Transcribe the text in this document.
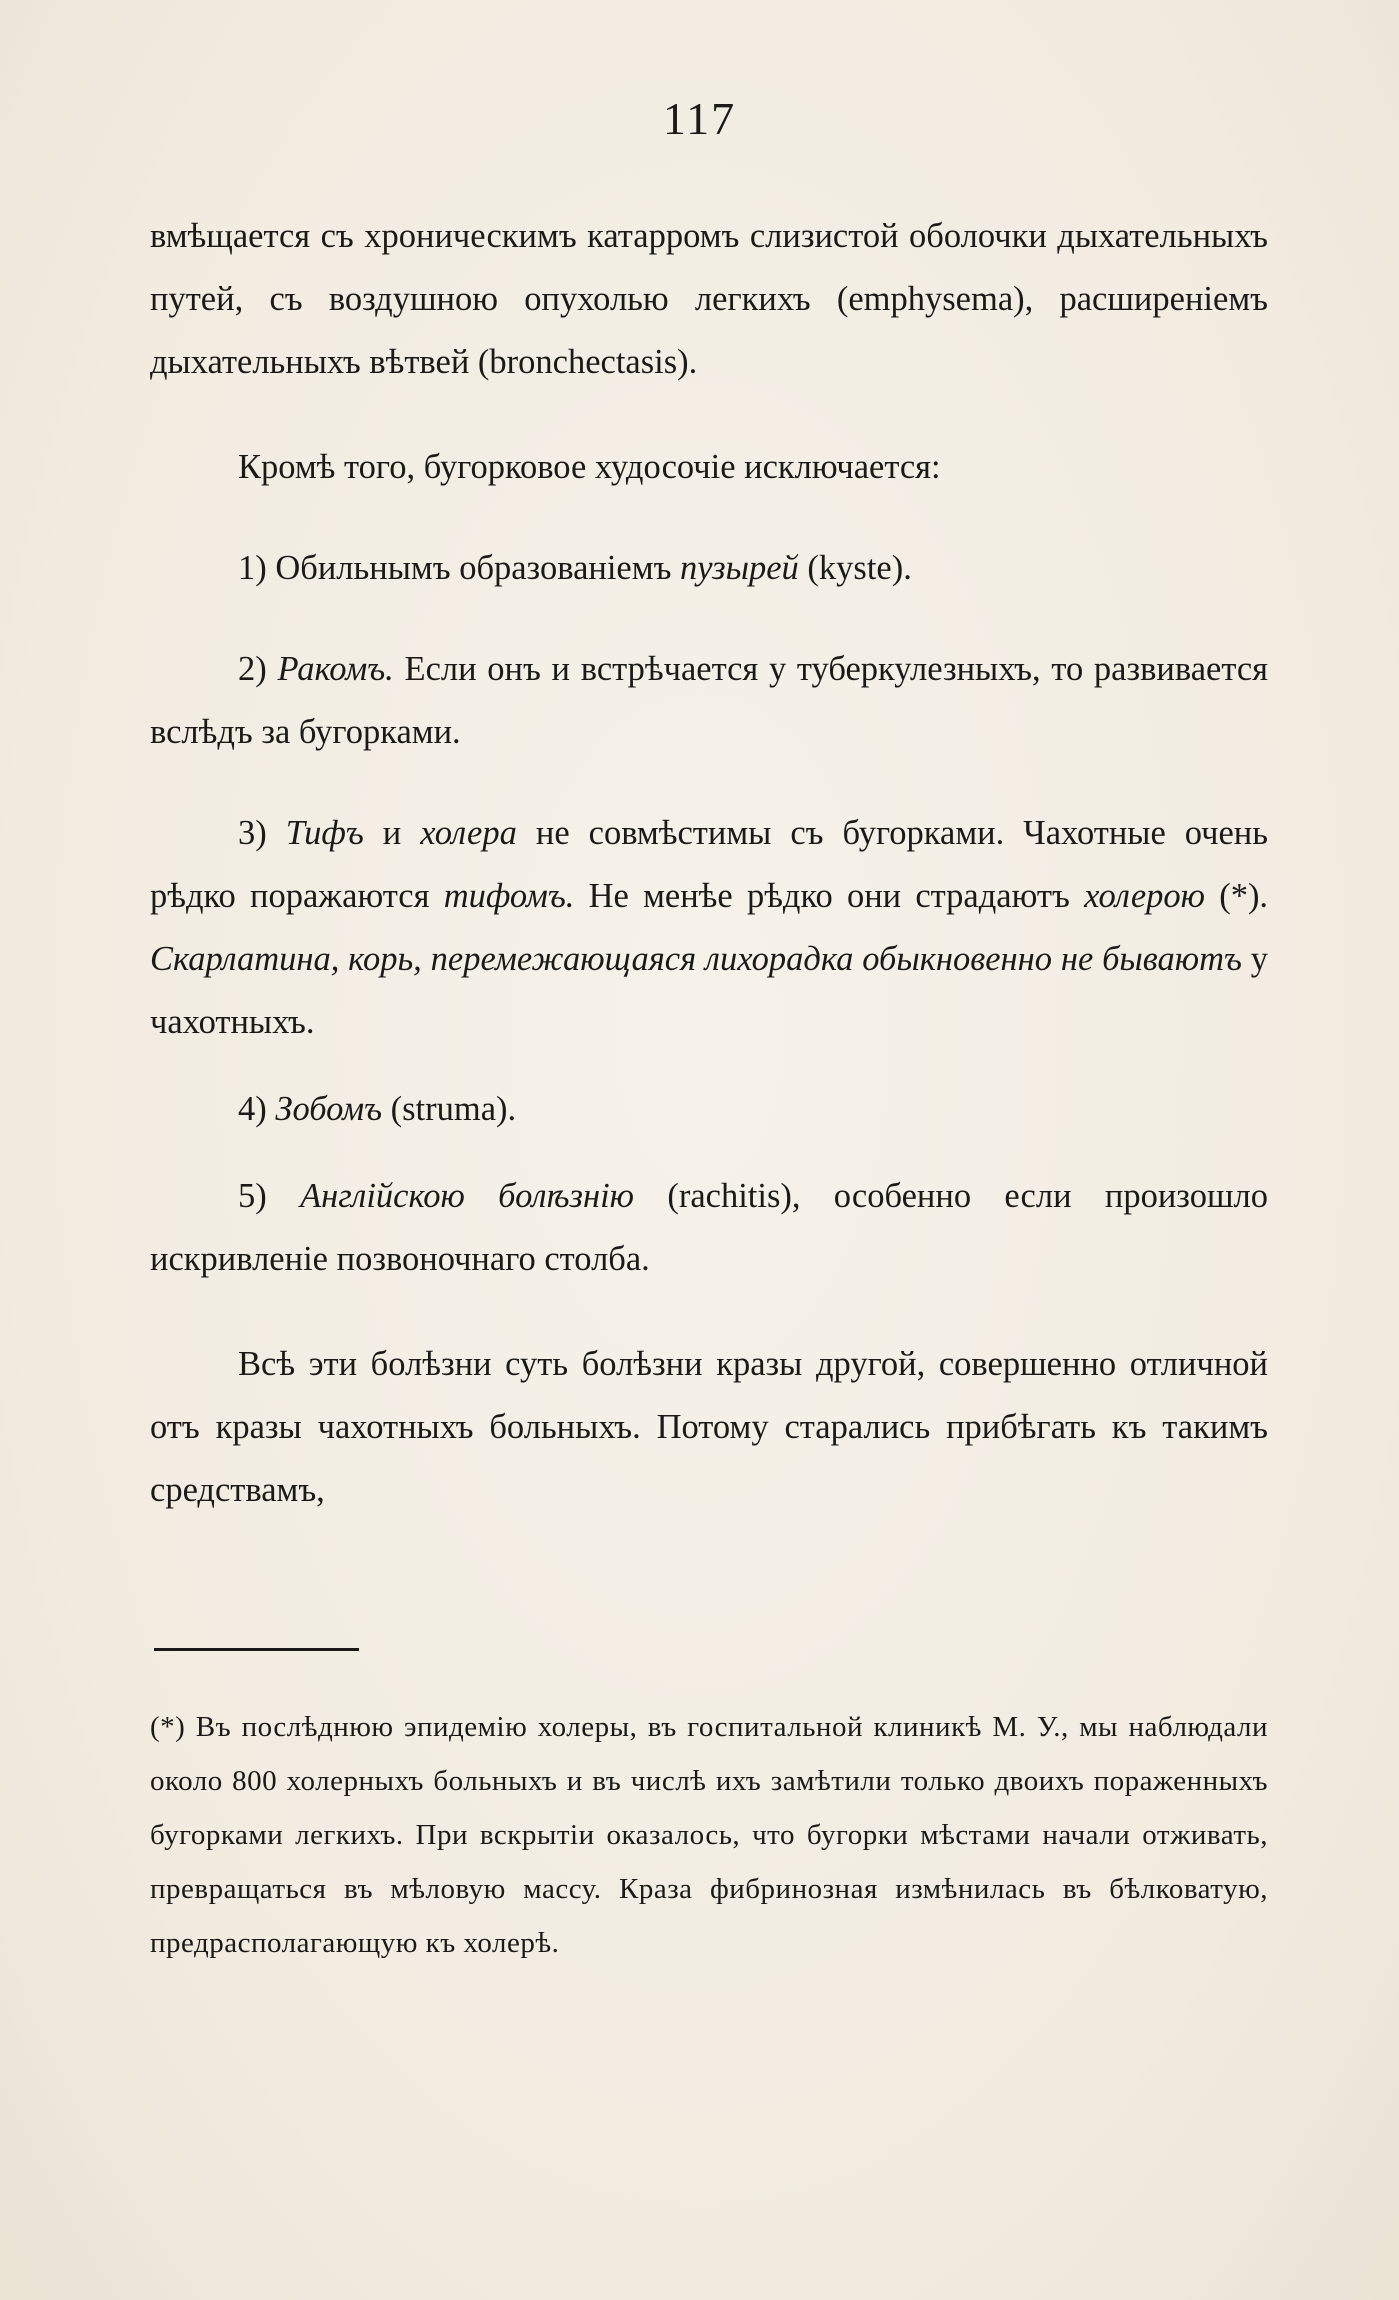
117

вмѣщается съ хроническимъ катарромъ слизистой оболочки дыхательныхъ путей, съ воздушною опухолью легкихъ (emphysema), расширеніемъ дыхательныхъ вѣтвей (bronchectasis).

Кромѣ того, бугорковое худосочіе исключается:

1) Обильнымъ образованіемъ пузырей (kyste).

2) Ракомъ. Если онъ и встрѣчается у туберкулезныхъ, то развивается вслѣдъ за бугорками.

3) Тифъ и холера не совмѣстимы съ бугорками. Чахотные очень рѣдко поражаются тифомъ. Не менѣе рѣдко они страдаютъ холерою (*). Скарлатина, корь, перемежающаяся лихорадка обыкновенно не бываютъ у чахотныхъ.

4) Зобомъ (struma).

5) Англійскою болѣзнію (rachitis), особенно если произошло искривленіе позвоночнаго столба.

Всѣ эти болѣзни суть болѣзни кразы другой, совершенно отличной отъ кразы чахотныхъ больныхъ. Потому старались прибѣгать къ такимъ средствамъ,

(*) Въ послѣднюю эпидемію холеры, въ госпитальной клиникѣ М. У., мы наблюдали около 800 холерныхъ больныхъ и въ числѣ ихъ замѣтили только двоихъ пораженныхъ бугорками легкихъ. При вскрытіи оказалось, что бугорки мѣстами начали отживать, превращаться въ мѣловую массу. Краза фибринозная измѣнилась въ бѣлковатую, предрасполагающую къ холерѣ.
